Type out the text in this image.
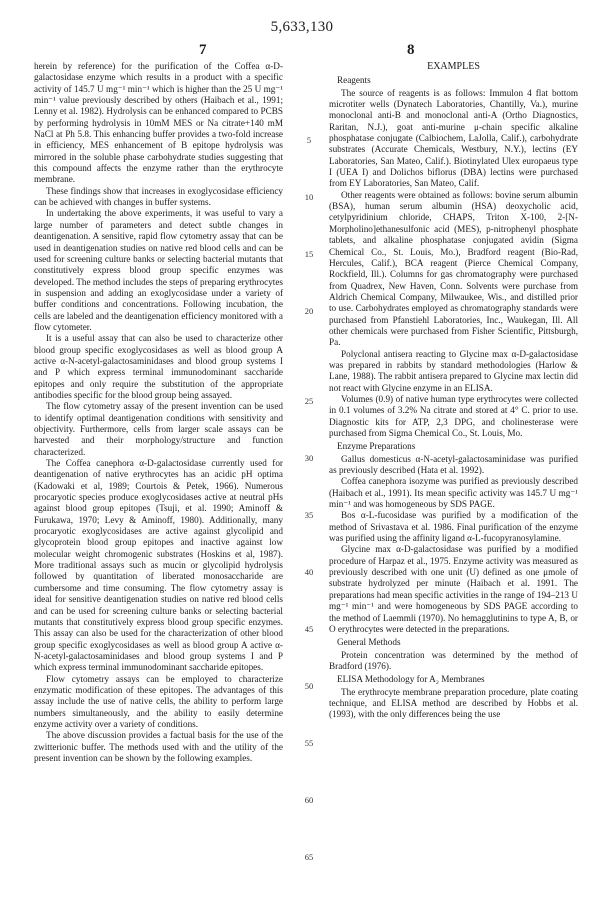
5,633,130
7	8

herein by reference) for the purification of the Coffea α-D-galactosidase enzyme which results in a product with a specific activity of 145.7 U mg⁻¹ min⁻¹ which is higher than the 25 U mg⁻¹ min⁻¹ value previously described by others (Haibach et al., 1991; Lenny et al. 1982). Hydrolysis can be enhanced compared to PCBS by performing hydrolysis in 10mM MES or Na citrate+140 mM NaCl at Ph 5.8. This enhancing buffer provides a two-fold increase in efficiency, MES enhancement of B epitope hydrolysis was mirrored in the soluble phase carbohydrate studies suggesting that this compound affects the enzyme rather than the erythrocyte membrane.

These findings show that increases in exoglycosidase efficiency can be achieved with changes in buffer systems.

In undertaking the above experiments, it was useful to vary a large number of parameters and detect subtle changes in deantigenation. A sensitive, rapid flow cytometry assay that can be used in deantigenation studies on native red blood cells and can be used for screening culture banks or selecting bacterial mutants that constitutively express blood group specific enzymes was developed. The method includes the steps of preparing erythrocytes in suspension and adding an exoglycosidase under a variety of buffer conditions and concentrations. Following incubation, the cells are labeled and the deantigenation efficiency monitored with a flow cytometer.

It is a useful assay that can also be used to characterize other blood group specific exoglycosidases as well as blood group A active α-N-acetyl-galactosaminidases and blood group systems I and P which express terminal immunodominant saccharide epitopes and only require the substitution of the appropriate antibodies specific for the blood group being assayed.

The flow cytometry assay of the present invention can be used to identify optimal deantigenation conditions with sensitivity and objectivity. Furthermore, cells from larger scale assays can be harvested and their morphology/structure and function characterized.

The Coffea canephora α-D-galactosidase currently used for deantigenation of native erythrocytes has an acidic pH optima (Kadowaki et al, 1989; Courtois & Petek, 1966). Numerous procaryotic species produce exoglycosidases active at neutral pHs against blood group epitopes (Tsuji, et al. 1990; Aminoff & Furukawa, 1970; Levy & Aminoff, 1980). Additionally, many procaryotic exoglycosidases are active against glycolipid and glycoprotein blood group epitopes and inactive against low molecular weight chromogenic substrates (Hoskins et al, 1987). More traditional assays such as mucin or glycolipid hydrolysis followed by quantitation of liberated monosaccharide are cumbersome and time consuming. The flow cytometry assay is ideal for sensitive deantigenation studies on native red blood cells and can be used for screening culture banks or selecting bacterial mutants that constitutively express blood group specific enzymes. This assay can also be used for the characterization of other blood group specific exoglycosidases as well as blood group A active α-N-acetyl-galactosaminidases and blood group systems I and P which express terminal immunodominant saccharide epitopes.

Flow cytometry assays can be employed to characterize enzymatic modification of these epitopes. The advantages of this assay include the use of native cells, the ability to perform large numbers simultaneously, and the ability to easily determine enzyme activity over a variety of conditions.

The above discussion provides a factual basis for the use of the zwitterionic buffer. The methods used with and the utility of the present invention can be shown by the following examples.

EXAMPLES

Reagents

The source of reagents is as follows: Immulon 4 flat bottom microtiter wells (Dynatech Laboratories, Chantilly, Va.), murine monoclonal anti-B and monoclonal anti-A (Ortho Diagnostics, Raritan, N.J.), goat anti-murine μ-chain specific alkaline phosphatase conjugate (Calbiochem, LaJolla, Calif.), carbohydrate substrates (Accurate Chemicals, Westbury, N.Y.), lectins (EY Laboratories, San Mateo, Calif.). Biotinylated Ulex europaeus type I (UEA I) and Dolichos biflorus (DBA) lectins were purchased from EY Laboratories, San Mateo, Calif.

Other reagents were obtained as follows: bovine serum albumin (BSA), human serum albumin (HSA) deoxycholic acid, cetylpyridinium chloride, CHAPS, Triton X-100, 2-[N-Morpholino]ethanesulfonic acid (MES), p-nitrophenyl phosphate tablets, and alkaline phosphatase conjugated avidin (Sigma Chemical Co., St. Louis, Mo.), Bradford reagent (Bio-Rad, Hercules, Calif.), BCA reagent (Pierce Chemical Company, Rockfield, Ill.). Columns for gas chromatography were purchased from Quadrex, New Haven, Conn. Solvents were purchase from Aldrich Chemical Company, Milwaukee, Wis., and distilled prior to use. Carbohydrates employed as chromatography standards were purchased from Pfanstiehl Laboratories, Inc., Waukegan, Ill. All other chemicals were purchased from Fisher Scientific, Pittsburgh, Pa.

Polyclonal antisera reacting to Glycine max α-D-galactosidase was prepared in rabbits by standard methodologies (Harlow & Lane, 1988). The rabbit antisera prepared to Glycine max lectin did not react with Glycine enzyme in an ELISA.

Volumes (0.9) of native human type erythrocytes were collected in 0.1 volumes of 3.2% Na citrate and stored at 4° C. prior to use. Diagnostic kits for ATP, 2,3 DPG, and cholinesterase were purchased from Sigma Chemical Co., St. Louis, Mo.

Enzyme Preparations

Gallus domesticus α-N-acetyl-galactosaminidase was purified as previously described (Hata et al. 1992).

Coffea canephora isozyme was purified as previously described (Haibach et al., 1991). Its mean specific activity was 145.7 U mg⁻¹ min⁻¹ and was homogeneous by SDS PAGE.

Bos α-L-fucosidase was purified by a modification of the method of Srivastava et al. 1986. Final purification of the enzyme was purified using the affinity ligand α-L-fucopyranosylamine.

Glycine max α-D-galactosidase was purified by a modified procedure of Harpaz et al., 1975. Enzyme activity was measured as previously described with one unit (U) defined as one μmole of substrate hydrolyzed per minute (Haibach et al. 1991. The preparations had mean specific activities in the range of 194–213 U mg⁻¹ min⁻¹ and were homogeneous by SDS PAGE according to the method of Laemmli (1970). No hemagglutinins to type A, B, or O erythrocytes were detected in the preparations.

General Methods

Protein concentration was determined by the method of Bradford (1976).

ELISA Methodology for A₂ Membranes

The erythrocyte membrane preparation procedure, plate coating technique, and ELISA method are described by Hobbs et al. (1993), with the only differences being the use

5
10
15
20
25
30
35
40
45
50
55
60
65
